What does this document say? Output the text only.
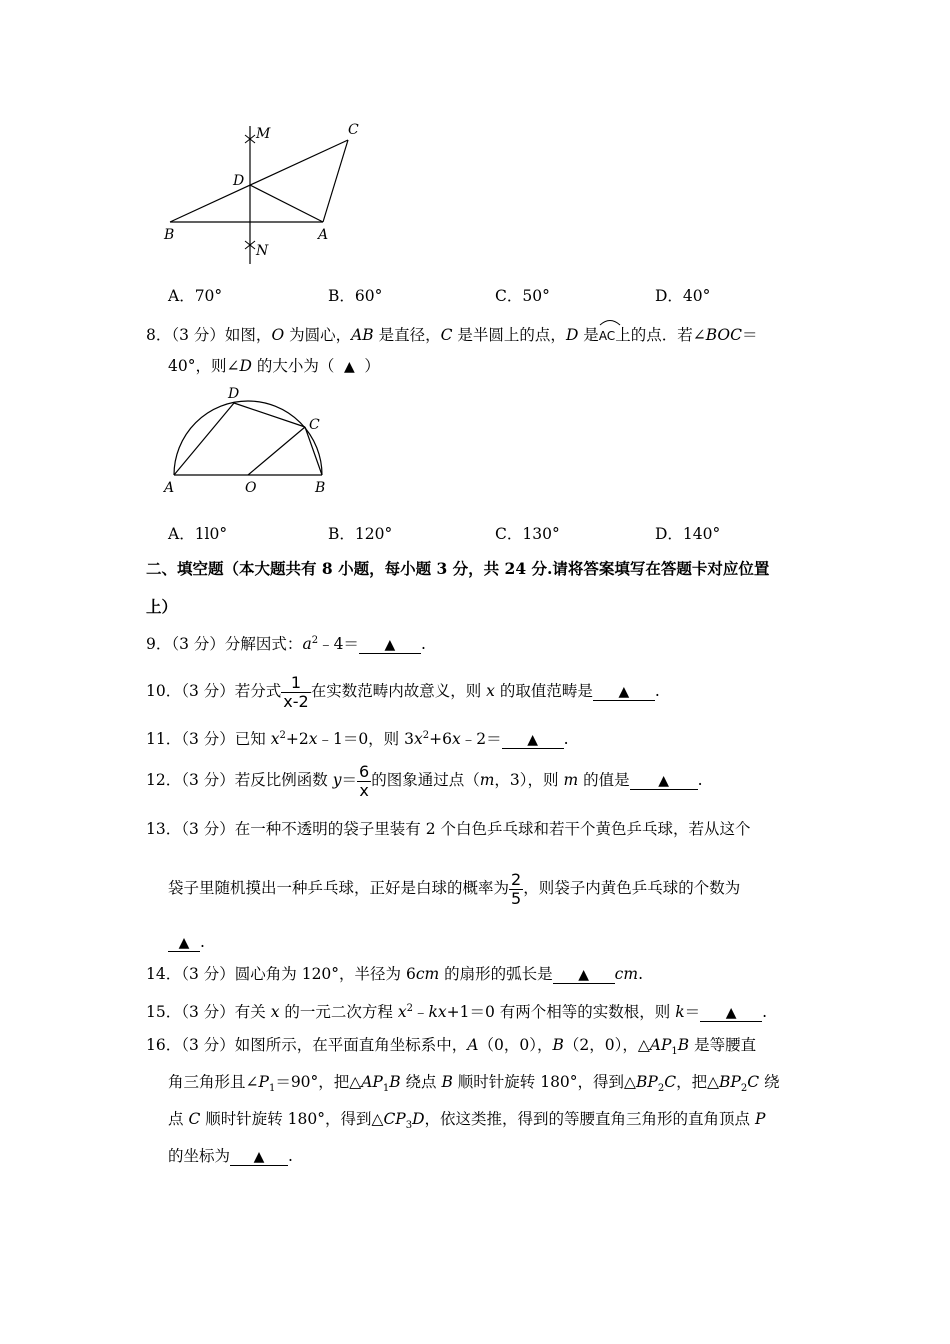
M	C
D
B	A
N
A．70°	B．60°	C．50°	D．40°
8．（3 分）如图，O 为圆心，AB 是直径，C 是半圆上的点，D 是
AC上的点．若∠BOC＝
40°，则∠D 的大小为（ ▲ ）
D
C
A	O	B
A．1l0°	B．120°	C．130°	D．140°
二、填空题（本大题共有 8 小题，每小题 3 分，共 24 分.请将答案填写在答题卡对应位置
上）
9．（3 分）分解因式：$a^2﹣4=$ ▲ .
10．（3 分）若分式 $\frac{1}{x-2}$ 在实数范畴内故意义，则 x 的取值范畴是 ▲ .
11．（3 分）已知 $x^2+2x﹣1=0$，则 $3x^2+6x﹣2=$ ▲ .
12．（3 分）若反比例函数 $y= \frac{6}{x}$ 的图象通过点（m，3），则 m 的值是 ▲ .
13．（3 分）在一种不透明的袋子里装有 2 个白色乒乓球和若干个黄色乒乓球，若从这个
袋子里随机摸出一种乒乓球，正好是白球的概率为 $\frac{2}{5}$ ，则袋子内黄色乒乓球的个数为
▲ .
14．（3 分）圆心角为 120°，半径为 6cm 的扇形的弧长是 ▲ cm.
15．（3 分）有关 x 的一元二次方程 $x^2﹣kx+1=0$ 有两个相等的实数根，则 k＝ ▲ .
16．（3 分）如图所示，在平面直角坐标系中，A（0，0），B（2，0），$\triangle AP_1B$ 是等腰直
角三角形且$\angle P_1=90^\circ$，把$\triangle AP_1B$ 绕点 B 顺时针旋转 180°，得到$\triangle BP_2C$，把$\triangle BP_2C$ 绕
点 C 顺时针旋转 180°，得到$\triangle CP_3D$，依这类推，得到的等腰直角三角形的直角顶点 P
的坐标为 ▲ .
